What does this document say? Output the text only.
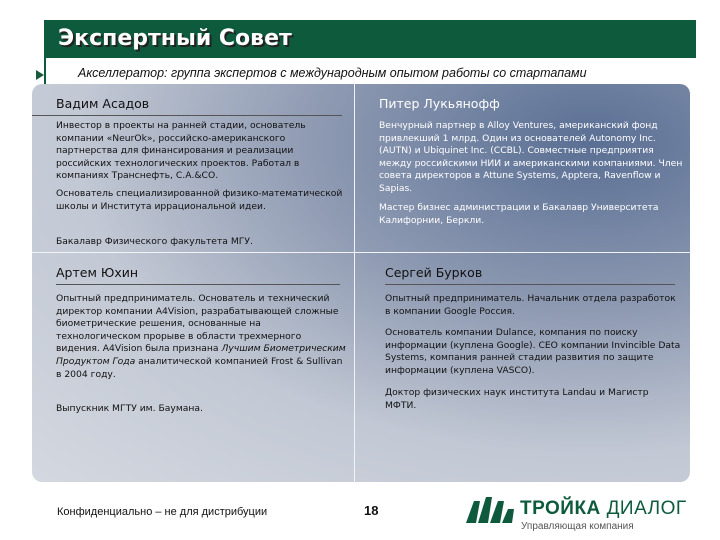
Экспертный Совет
Акселлератор: группа экспертов с международным опытом работы со стартапами
Вадим Асадов
Инвестор в проекты на ранней стадии, основатель компании «NeurOk», российско-американского партнерства для финансирования и реализации российских технологических проектов. Работал в компаниях Транснефть, С.А.&СО.
Основатель специализированной физико-математической школы и Института иррациональной идеи.
Бакалавр Физического факультета МГУ.
Питер Лукьянофф
Венчурный партнер в Alloy Ventures, американский фонд привлекший 1 млрд. Один из основателей Autonomy Inc. (AUTN) и Ubiquinet Inc. (CCBL). Совместные предприятия между российскими НИИ и американскими компаниями. Член совета директоров в Attune Systems, Apptera, Ravenflow и Sapias.
Мастер бизнес администрации и Бакалавр Университета Калифорнии, Беркли.
Артем Юхин
Опытный предприниматель. Основатель и технический директор компании A4Vision, разрабатывающей сложные биометрические решения, основанные на технологическом прорыве в области трехмерного видения. A4Vision была признана Лучшим Биометрическим Продуктом Года аналитической компанией Frost & Sullivan в 2004 году.
Выпускник МГТУ им. Баумана.
Сергей Бурков
Опытный предприниматель. Начальник отдела разработок в компании Google Россия.
Основатель компании Dulance, компания по поиску информации (куплена Google). CEO компании Invincible Data Systems, компания ранней стадии развития по защите информации (куплена VASCO).
Доктор физических наук института Landau и Магистр МФТИ.
Конфиденциально – не для дистрибуции	18	ТРОЙКА ДИАЛОГ
Управляющая компания
